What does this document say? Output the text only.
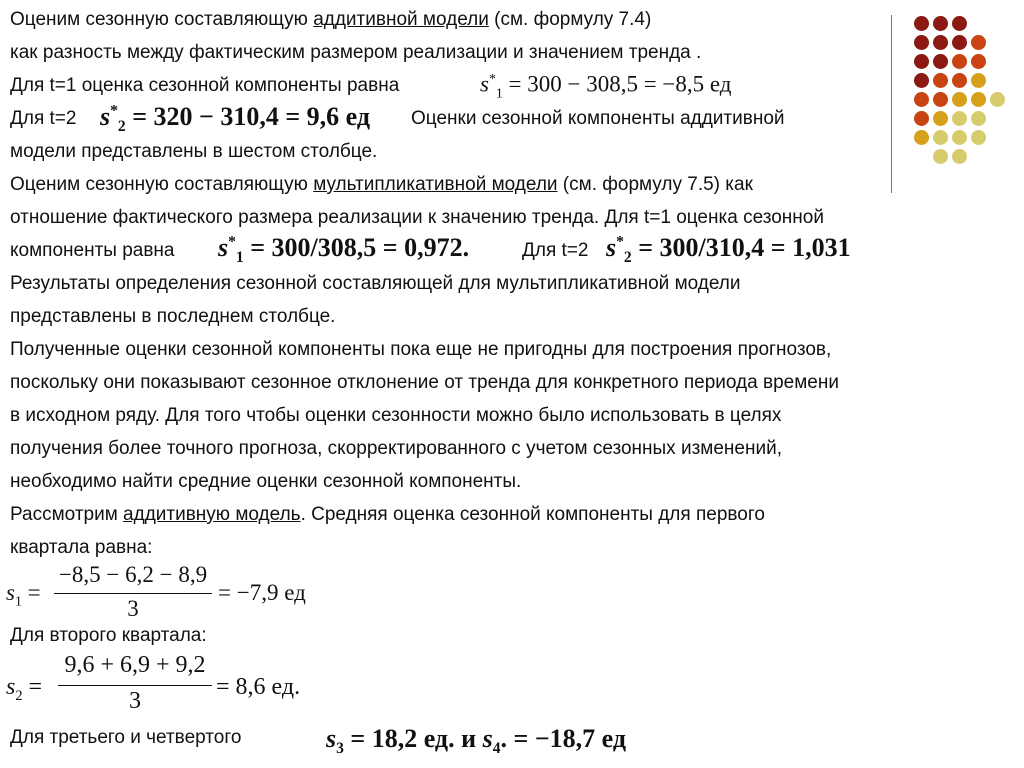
Оценим сезонную составляющую аддитивной модели (см. формулу 7.4)
как разность между фактическим размером реализации и значением тренда .
Для t=1 оценка сезонной компоненты равна	$s^*_1 = 300 - 308,5 = -8,5$ ед
Для t=2 $s^*_2 = 320 - 310,4 = 9,6$ ед Оценки сезонной компоненты аддитивной
модели представлены в шестом столбце.
Оценим сезонную составляющую мультипликативной модели (см. формулу 7.5) как
отношение фактического размера реализации к значению тренда. Для t=1 оценка сезонной
компоненты равна $s^*_1 = 300/308,5 = 0,972$.	Для t=2 $s^*_2 = 300/310,4 = 1,031$
Результаты определения сезонной составляющей для мультипликативной модели
представлены в последнем столбце.
Полученные оценки сезонной компоненты пока еще не пригодны для построения прогнозов,
поскольку они показывают сезонное отклонение от тренда для конкретного периода времени
в исходном ряду. Для того чтобы оценки сезонности можно было использовать в целях
получения более точного прогноза, скорректированного с учетом сезонных изменений,
необходимо найти средние оценки сезонной компоненты.
Рассмотрим аддитивную модель. Средняя оценка сезонной компоненты для первого
квартала равна:
$s_1$ =
−8,5 − 6,2 − 8,9
3
= −7,9 ед
Для второго квартала:
$s_2$ =
9,6 + 6,9 + 9,2
3
= 8,6 ед.
Для третьего и четвертого	$s_3 = 18,2$ ед. и $s_4$. = −18,7 ед
